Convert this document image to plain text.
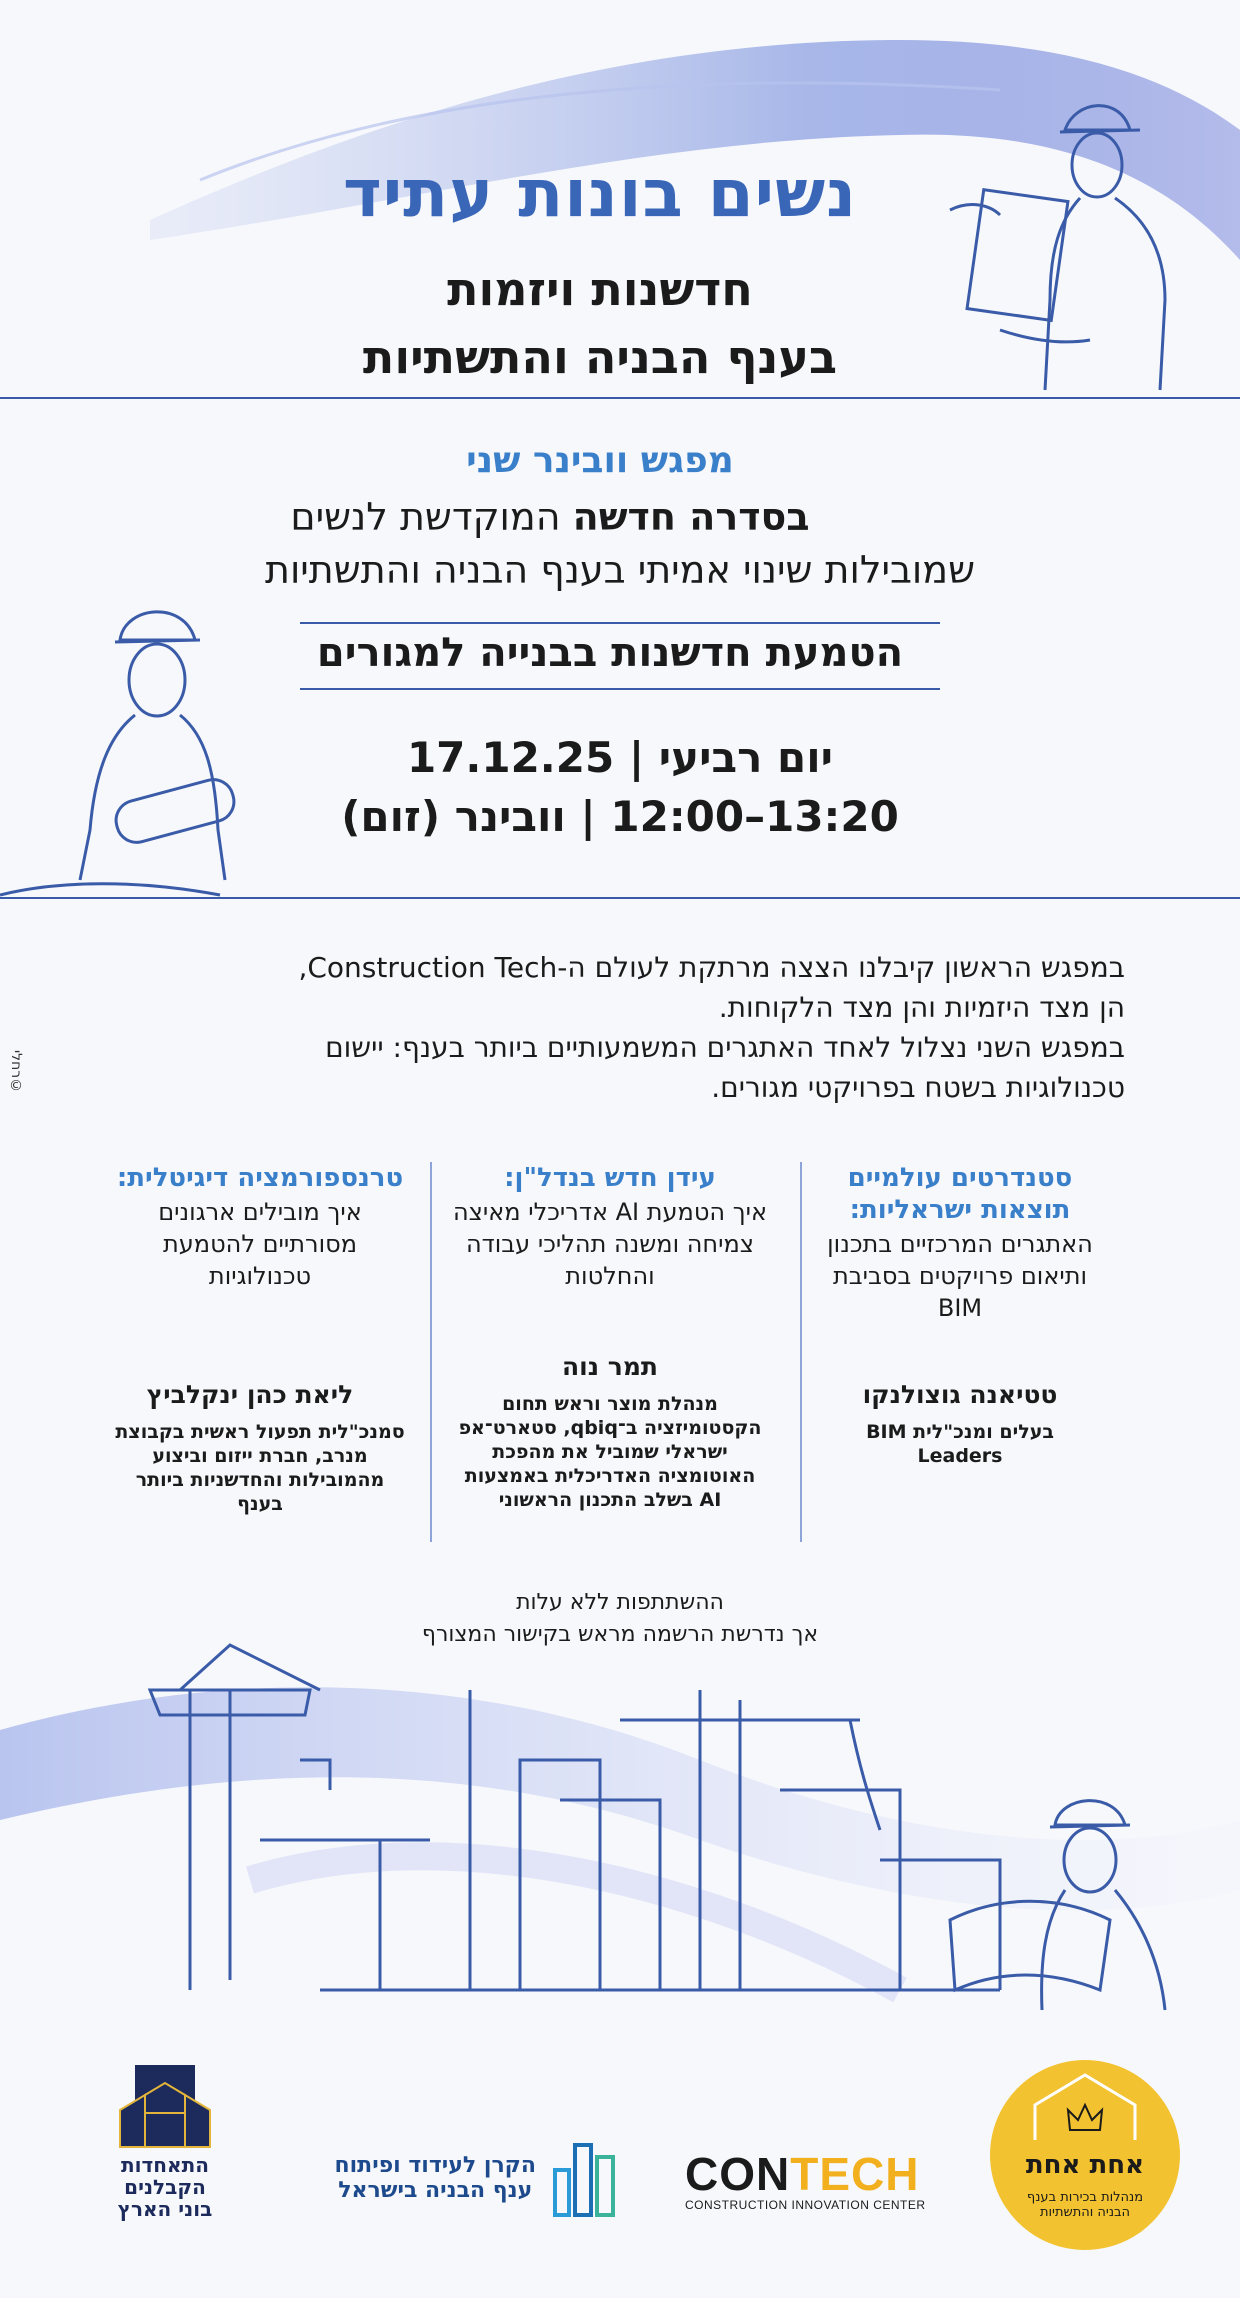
נשים בונות עתיד
חדשנות ויזמות
בענף הבניה והתשתיות
מפגש וובינר שני
בסדרה חדשה המוקדשת לנשים
שמובילות שינוי אמיתי בענף הבניה והתשתיות
הטמעת חדשנות בבנייה למגורים
יום רביעי | 17.12.25
13:20–12:00 | וובינר (זום)
במפגש הראשון קיבלנו הצצה מרתקת לעולם ה-Construction Tech,
הן מצד היזמיות והן מצד הלקוחות.
במפגש השני נצלול לאחד האתגרים המשמעותיים ביותר בענף: יישום
טכנולוגיות בשטח בפרויקטי מגורים.
רחלי©
סטנדרטים עולמיים תוצאות ישראליות:
האתגרים המרכזיים בתכנון ותיאום פרויקטים בסביבת BIM
טטיאנה גוצולנקו
בעלים ומנכ"לית BIM Leaders
עידן חדש בנדל"ן:
איך הטמעת AI אדריכלי מאיצה צמיחה ומשנה תהליכי עבודה והחלטות
תמר נוה
מנהלת מוצר וראש תחום הקסטומיזציה ב־qbiq, סטארט־אפ ישראלי שמוביל את מהפכת האוטומציה האדריכלית באמצעות AI בשלב התכנון הראשוני
טרנספורמציה דיגיטלית:
איך מובילים ארגונים מסורתיים להטמעת טכנולוגיות
ליאת כהן ינקלביץ
סמנכ"לית תפעול ראשית בקבוצת מנרב, חברת ייזום וביצוע מהמובילות והחדשניות ביותר בענף
ההשתתפות ללא עלות
אך נדרשת הרשמה מראש בקישור המצורף
התאחדות
הקבלנים
בוני הארץ
הקרן לעידוד ופיתוח
ענף הבניה בישראל	CONTECH
CONSTRUCTION INNOVATION CENTER
אחת אחת
מנהלות בכירות בענף
הבניה והתשתיות
